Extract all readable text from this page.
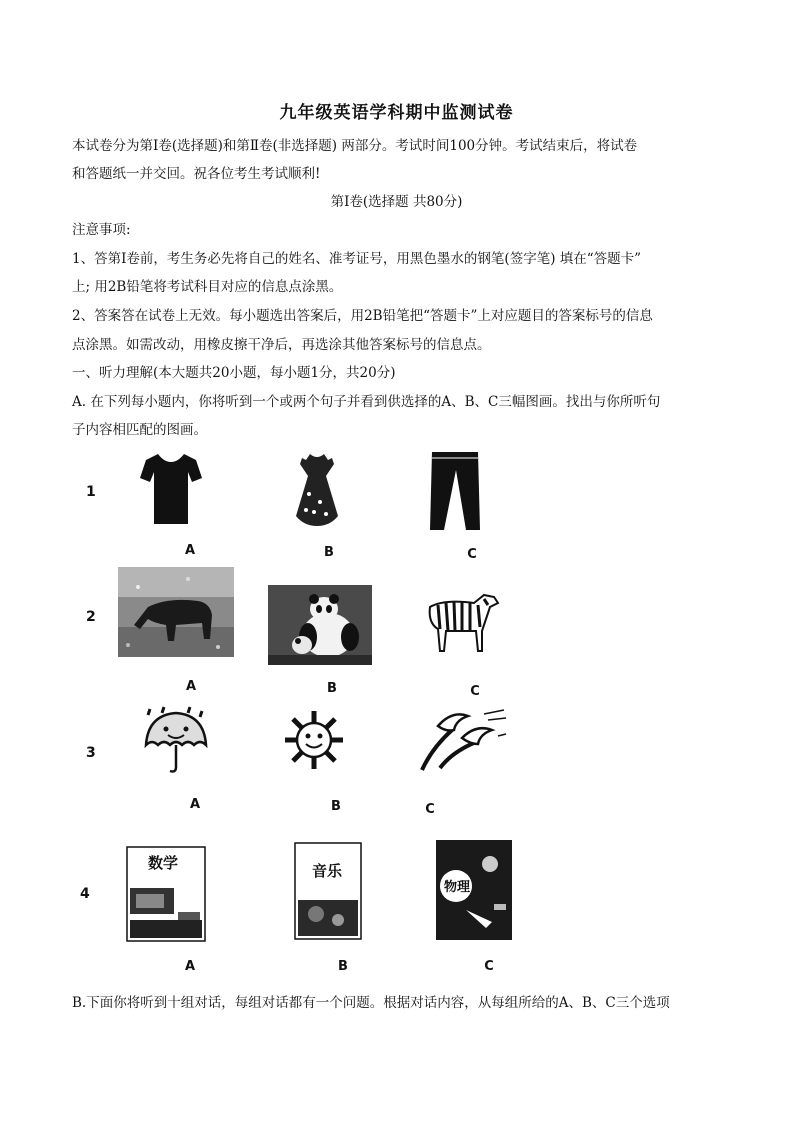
九年级英语学科期中监测试卷
本试卷分为第Ⅰ卷(选择题)和第Ⅱ卷(非选择题) 两部分。考试时间100分钟。考试结束后，将试卷
和答题纸一并交回。祝各位考生考试顺利!
第Ⅰ卷(选择题 共80分)
注意事项:
1、答第Ⅰ卷前，考生务必先将自己的姓名、准考证号，用黑色墨水的钢笔(签字笔) 填在“答题卡”
上; 用2B铅笔将考试科目对应的信息点涂黑。
2、答案答在试卷上无效。每小题选出答案后，用2B铅笔把“答题卡”上对应题目的答案标号的信息
点涂黑。如需改动，用橡皮擦干净后，再选涂其他答案标号的信息点。
一、听力理解(本大题共20小题，每小题1分，共20分)
A. 在下列每小题内，你将听到一个或两个句子并看到供选择的A、B、C三幅图画。找出与你所听句
子内容相匹配的图画。
1
A	B	C
2
A	B	C
3
A	B	C
4
数学	音乐
物理
A	B	C
B.下面你将听到十组对话，每组对话都有一个问题。根据对话内容，从每组所给的A、B、C三个选项
